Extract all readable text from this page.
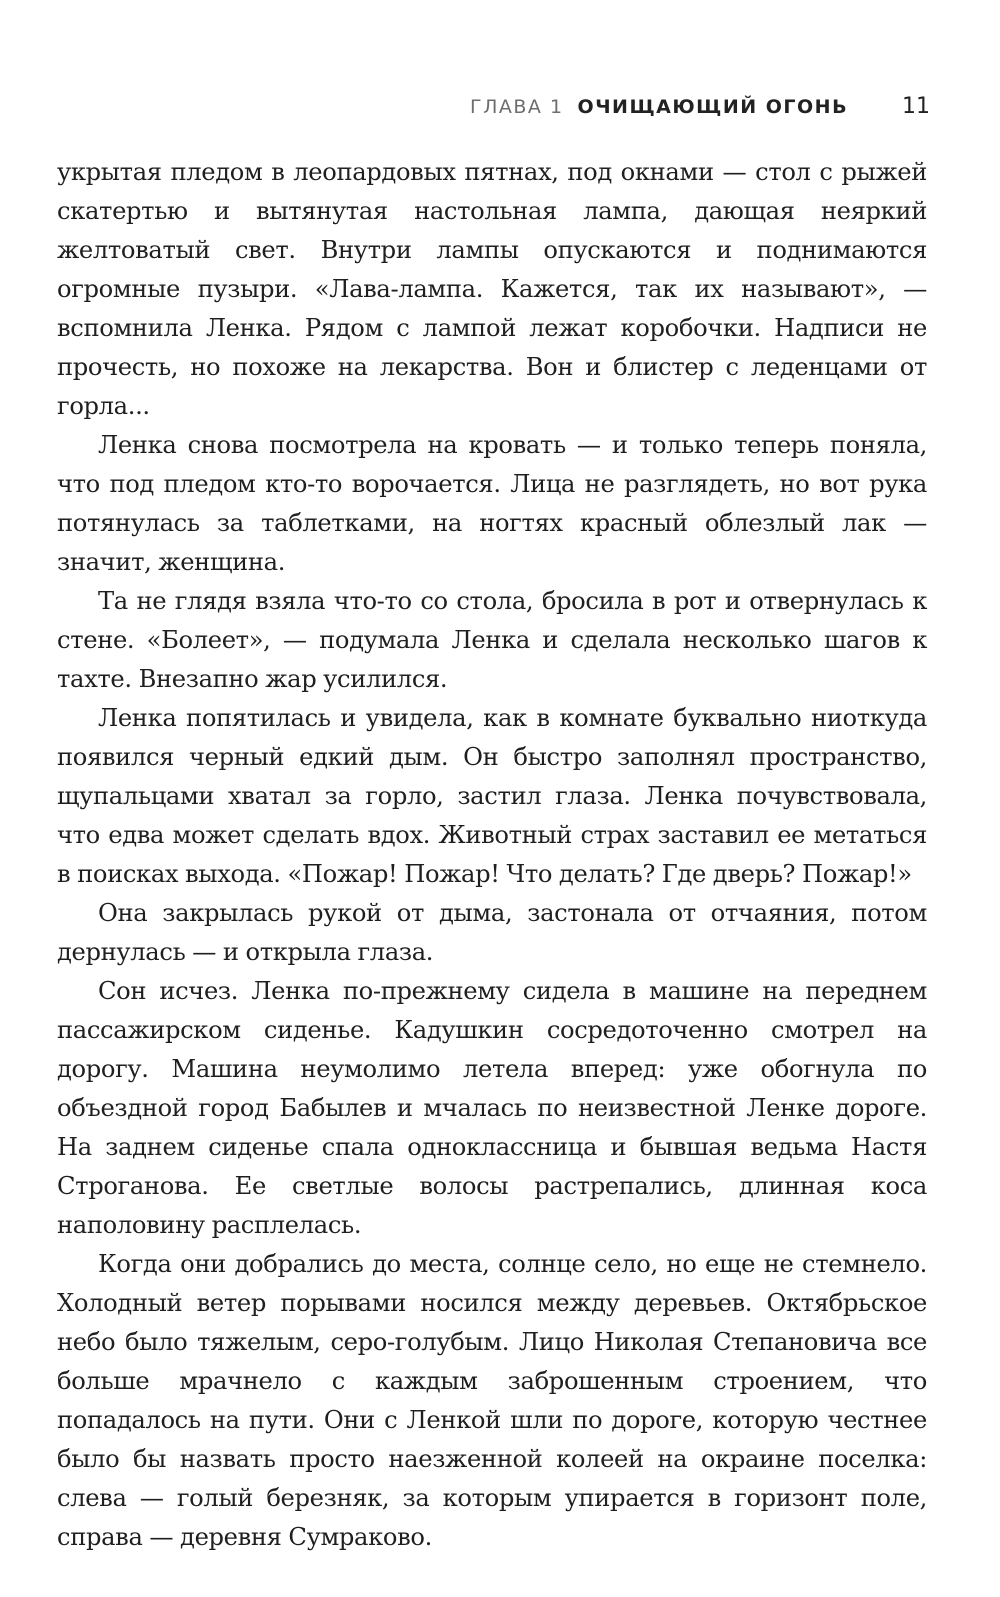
ГЛАВА 1 ОЧИЩАЮЩИЙ ОГОНЬ 11

укрытая пледом в леопардовых пятнах, под окнами — стол с рыжей скатертью и вытянутая настольная лампа, дающая неяркий желтоватый свет. Внутри лампы опускаются и поднимаются огромные пузыри. «Лава-лампа. Кажется, так их называют», — вспомнила Ленка. Рядом с лампой лежат коробочки. Надписи не прочесть, но похоже на лекарства. Вон и блистер с леденцами от горла...

Ленка снова посмотрела на кровать — и только теперь поняла, что под пледом кто-то ворочается. Лица не разглядеть, но вот рука потянулась за таблетками, на ногтях красный облезлый лак — значит, женщина.

Та не глядя взяла что-то со стола, бросила в рот и отвернулась к стене. «Болеет», — подумала Ленка и сделала несколько шагов к тахте. Внезапно жар усилился.

Ленка попятилась и увидела, как в комнате буквально ниоткуда появился черный едкий дым. Он быстро заполнял пространство, щупальцами хватал за горло, застил глаза. Ленка почувствовала, что едва может сделать вдох. Животный страх заставил ее метаться в поисках выхода. «Пожар! Пожар! Что делать? Где дверь? Пожар!»

Она закрылась рукой от дыма, застонала от отчаяния, потом дернулась — и открыла глаза.

Сон исчез. Ленка по-прежнему сидела в машине на переднем пассажирском сиденье. Кадушкин сосредоточенно смотрел на дорогу. Машина неумолимо летела вперед: уже обогнула по объездной город Бабылев и мчалась по неизвестной Ленке дороге. На заднем сиденье спала одноклассница и бывшая ведьма Настя Строганова. Ее светлые волосы растрепались, длинная коса наполовину расплелась.

Когда они добрались до места, солнце село, но еще не стемнело. Холодный ветер порывами носился между деревьев. Октябрьское небо было тяжелым, серо-голубым. Лицо Николая Степановича все больше мрачнело с каждым заброшенным строением, что попадалось на пути. Они с Ленкой шли по дороге, которую честнее было бы назвать просто наезженной колеей на окраине поселка: слева — голый березняк, за которым упирается в горизонт поле, справа — деревня Сумраково.
